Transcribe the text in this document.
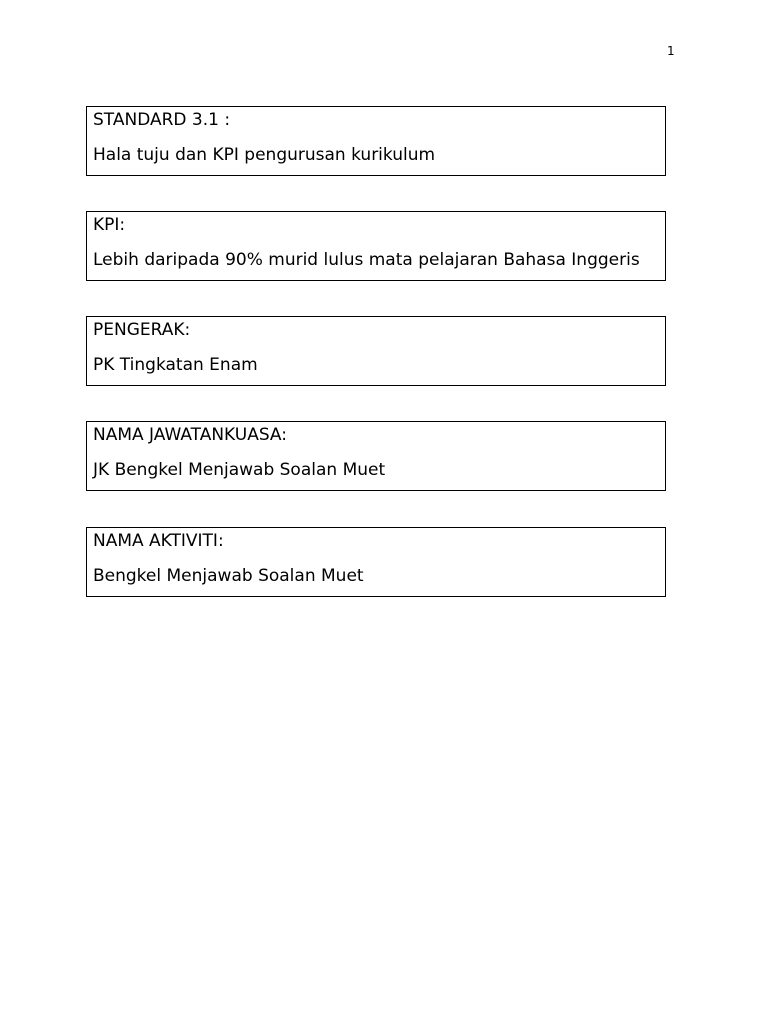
1
STANDARD 3.1 :
Hala tuju dan KPI pengurusan kurikulum
KPI:
Lebih daripada 90% murid lulus mata pelajaran Bahasa Inggeris
PENGERAK:
PK Tingkatan Enam
NAMA JAWATANKUASA:
JK Bengkel Menjawab Soalan Muet
NAMA AKTIVITI:
Bengkel Menjawab Soalan Muet
